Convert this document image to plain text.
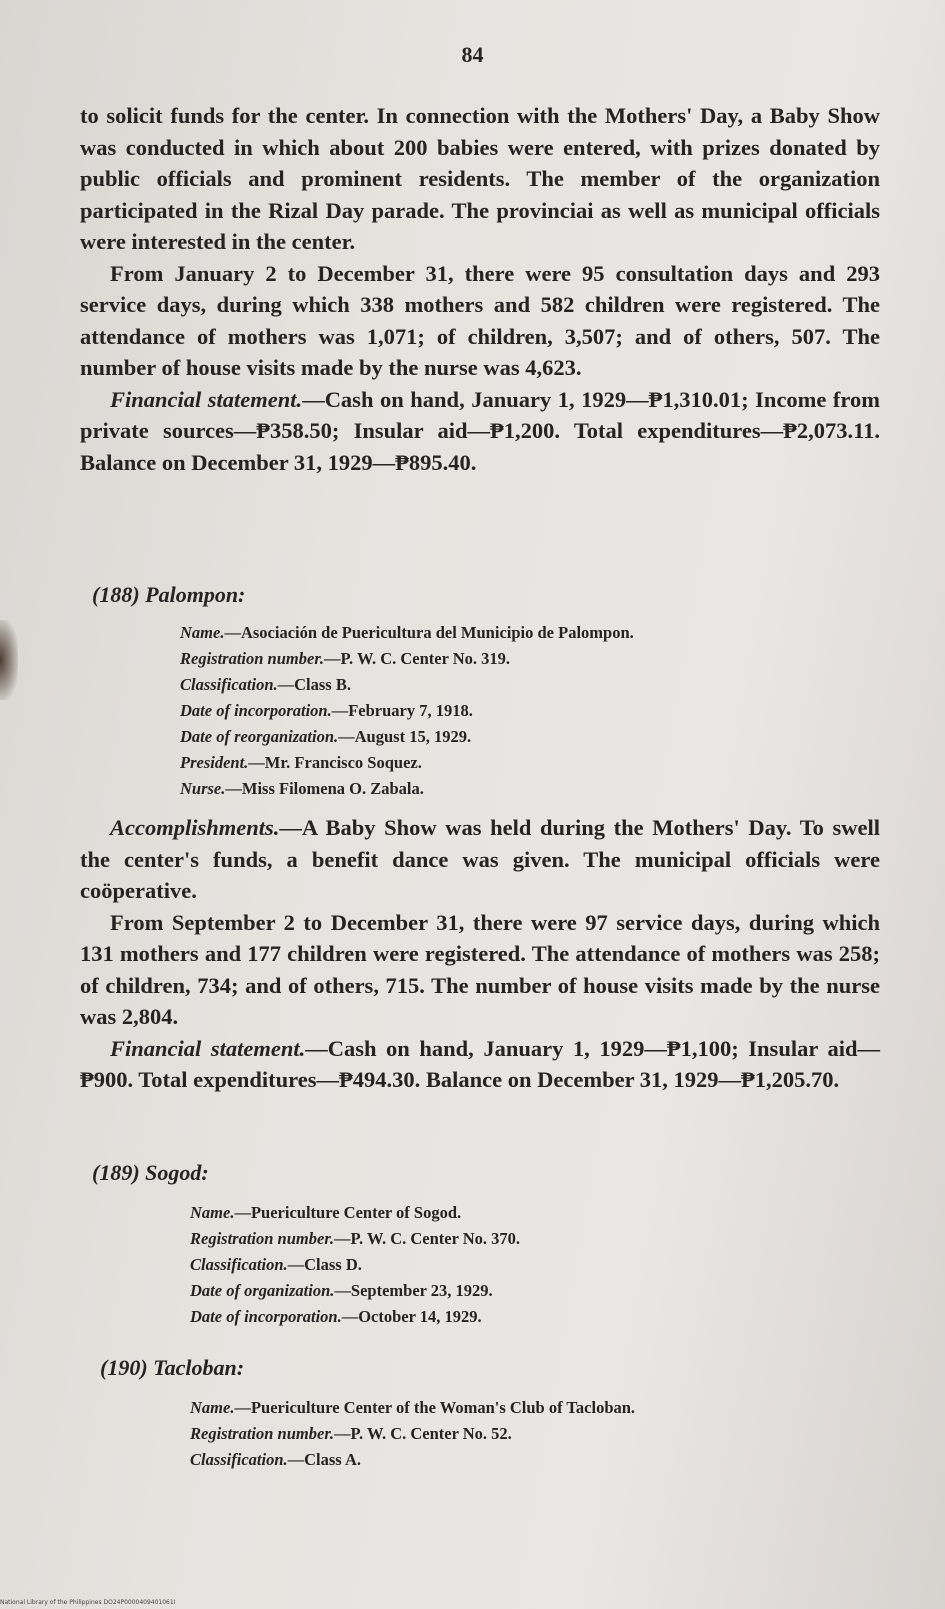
84

to solicit funds for the center. In connection with the Mothers' Day, a Baby Show was conducted in which about 200 babies were entered, with prizes donated by public officials and prominent residents. The member of the organization participated in the Rizal Day parade. The provinciai as well as municipal officials were interested in the center.

From January 2 to December 31, there were 95 consultation days and 293 service days, during which 338 mothers and 582 children were registered. The attendance of mothers was 1,071; of children, 3,507; and of others, 507. The number of house visits made by the nurse was 4,623.

Financial statement.—Cash on hand, January 1, 1929—₱1,310.01; Income from private sources—₱358.50; Insular aid—₱1,200. Total expenditures—₱2,073.11. Balance on December 31, 1929—₱895.40.

(188) Palompon:
Name.—Asociación de Puericultura del Municipio de Palompon.
Registration number.—P. W. C. Center No. 319.
Classification.—Class B.
Date of incorporation.—February 7, 1918.
Date of reorganization.—August 15, 1929.
President.—Mr. Francisco Soquez.
Nurse.—Miss Filomena O. Zabala.

Accomplishments.—A Baby Show was held during the Mothers' Day. To swell the center's funds, a benefit dance was given. The municipal officials were coöperative.

From September 2 to December 31, there were 97 service days, during which 131 mothers and 177 children were registered. The attendance of mothers was 258; of children, 734; and of others, 715. The number of house visits made by the nurse was 2,804.

Financial statement.—Cash on hand, January 1, 1929—₱1,100; Insular aid—₱900. Total expenditures—₱494.30. Balance on December 31, 1929—₱1,205.70.

(189) Sogod:
Name.—Puericulture Center of Sogod.
Registration number.—P. W. C. Center No. 370.
Classification.—Class D.
Date of organization.—September 23, 1929.
Date of incorporation.—October 14, 1929.
(190) Tacloban:
Name.—Puericulture Center of the Woman's Club of Tacloban.
Registration number.—P. W. C. Center No. 52.
Classification.—Class A.
National Library of the Philippines DO24P0000409401061I
